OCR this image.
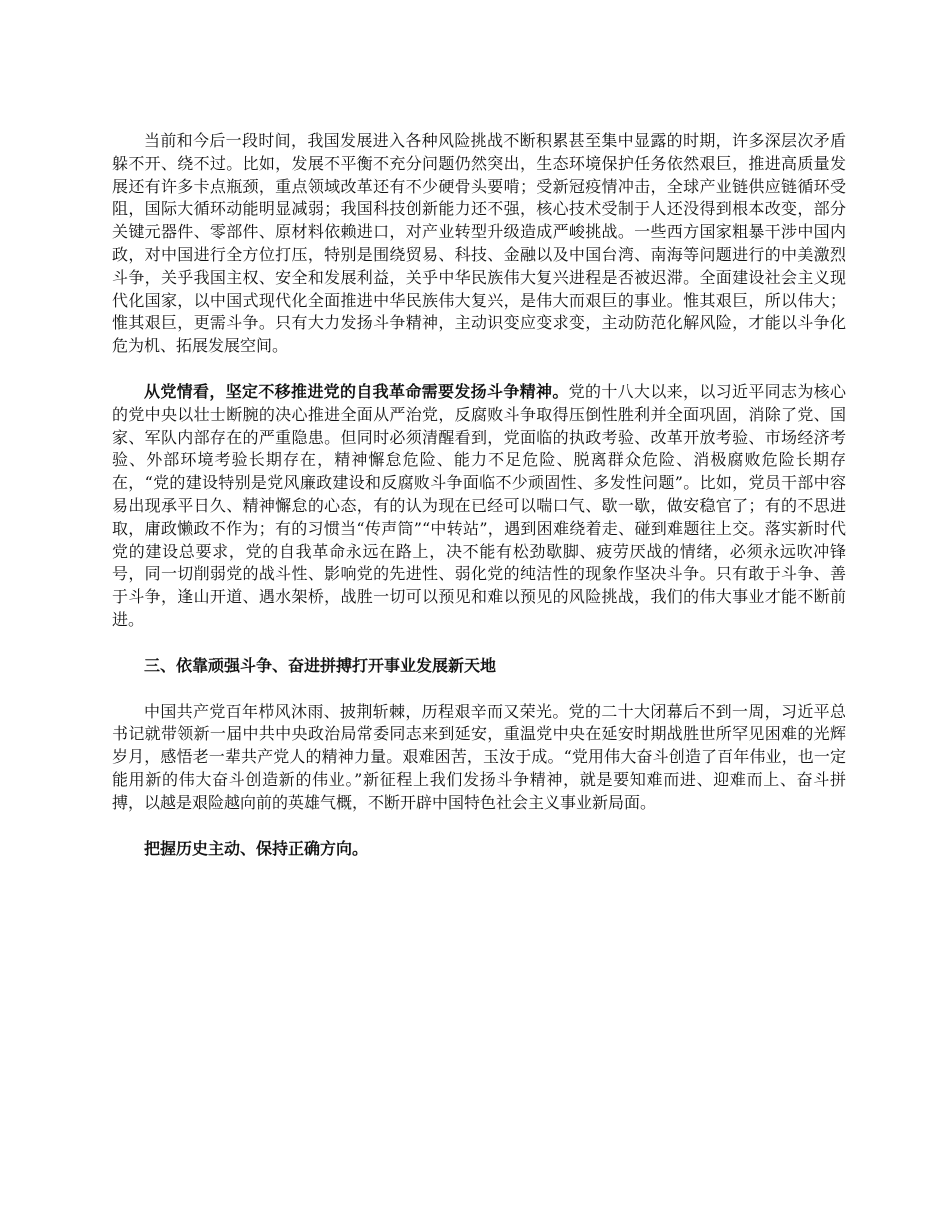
当前和今后一段时间，我国发展进入各种风险挑战不断积累甚至集中显露的时期，许多深层次矛盾躲不开、绕不过。比如，发展不平衡不充分问题仍然突出，生态环境保护任务依然艰巨，推进高质量发展还有许多卡点瓶颈，重点领域改革还有不少硬骨头要啃；受新冠疫情冲击，全球产业链供应链循环受阻，国际大循环动能明显减弱；我国科技创新能力还不强，核心技术受制于人还没得到根本改变，部分关键元器件、零部件、原材料依赖进口，对产业转型升级造成严峻挑战。一些西方国家粗暴干涉中国内政，对中国进行全方位打压，特别是围绕贸易、科技、金融以及中国台湾、南海等问题进行的中美激烈斗争，关乎我国主权、安全和发展利益，关乎中华民族伟大复兴进程是否被迟滞。全面建设社会主义现代化国家，以中国式现代化全面推进中华民族伟大复兴，是伟大而艰巨的事业。惟其艰巨，所以伟大；惟其艰巨，更需斗争。只有大力发扬斗争精神，主动识变应变求变，主动防范化解风险，才能以斗争化危为机、拓展发展空间。

从党情看，坚定不移推进党的自我革命需要发扬斗争精神。党的十八大以来，以习近平同志为核心的党中央以壮士断腕的决心推进全面从严治党，反腐败斗争取得压倒性胜利并全面巩固，消除了党、国家、军队内部存在的严重隐患。但同时必须清醒看到，党面临的执政考验、改革开放考验、市场经济考验、外部环境考验长期存在，精神懈怠危险、能力不足危险、脱离群众危险、消极腐败危险长期存在，“党的建设特别是党风廉政建设和反腐败斗争面临不少顽固性、多发性问题”。比如，党员干部中容易出现承平日久、精神懈怠的心态，有的认为现在已经可以喘口气、歇一歇，做安稳官了；有的不思进取，庸政懒政不作为；有的习惯当“传声筒”“中转站”，遇到困难绕着走、碰到难题往上交。落实新时代党的建设总要求，党的自我革命永远在路上，决不能有松劲歇脚、疲劳厌战的情绪，必须永远吹冲锋号，同一切削弱党的战斗性、影响党的先进性、弱化党的纯洁性的现象作坚决斗争。只有敢于斗争、善于斗争，逢山开道、遇水架桥，战胜一切可以预见和难以预见的风险挑战，我们的伟大事业才能不断前进。

三、依靠顽强斗争、奋进拼搏打开事业发展新天地

中国共产党百年栉风沐雨、披荆斩棘，历程艰辛而又荣光。党的二十大闭幕后不到一周，习近平总书记就带领新一届中共中央政治局常委同志来到延安，重温党中央在延安时期战胜世所罕见困难的光辉岁月，感悟老一辈共产党人的精神力量。艰难困苦，玉汝于成。“党用伟大奋斗创造了百年伟业，也一定能用新的伟大奋斗创造新的伟业。”新征程上我们发扬斗争精神，就是要知难而进、迎难而上、奋斗拼搏，以越是艰险越向前的英雄气概，不断开辟中国特色社会主义事业新局面。

把握历史主动、保持正确方向。
